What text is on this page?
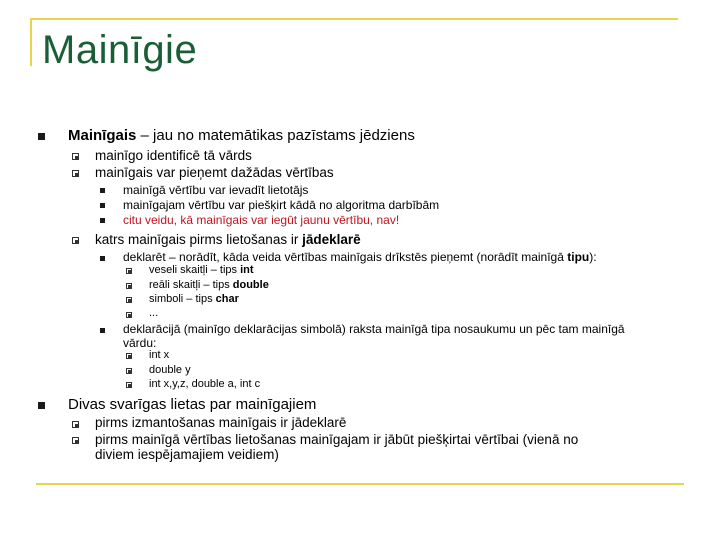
Mainīgie
Mainīgais – jau no matemātikas pazīstams jēdziens
mainīgo identificē tā vārds
mainīgais var pieņemt dažādas vērtības
mainīgā vērtību var ievadīt lietotājs
mainīgajam vērtību var piešķirt kādā no algoritma darbībām
citu veidu, kā mainīgais var iegūt jaunu vērtību, nav!
katrs mainīgais pirms lietošanas ir jādeklarē
deklarēt – norādīt, kāda veida vērtības mainīgais drīkstēs pieņemt (norādīt mainīgā tipu):
veseli skaitļi – tips int
reāli skaitļi – tips double
simboli – tips char
...
deklarācijā (mainīgo deklarācijas simbolā) raksta mainīgā tipa nosaukumu un pēc tam mainīgā
vārdu:
int x
double y
int x,y,z, double a, int c
Divas svarīgas lietas par mainīgajiem
pirms izmantošanas mainīgais ir jādeklarē
pirms mainīgā vērtības lietošanas mainīgajam ir jābūt piešķirtai vērtībai (vienā no
diviem iespējamajiem veidiem)
